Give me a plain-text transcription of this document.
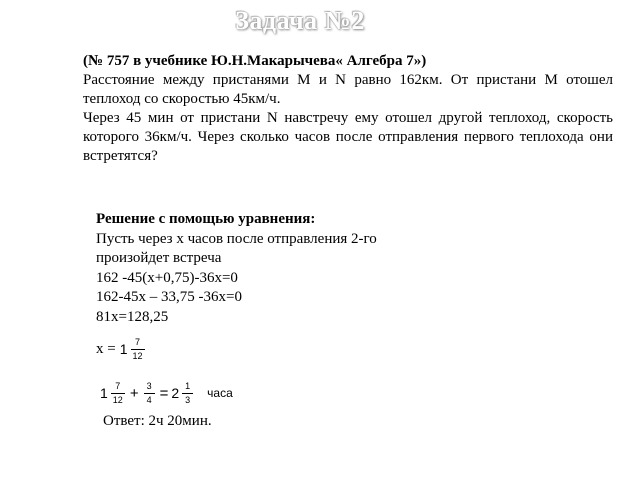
Задача №2

(№ 757 в учебнике Ю.Н.Макарычева« Алгебра 7»)

Расстояние между пристанями M и N равно 162км. От пристани M отошел теплоход со скоростью 45км/ч.

Через 45 мин от пристани N навстречу ему отошел другой теплоход, скорость которого 36км/ч. Через сколько часов после отправления первого теплохода они встретятся?

Решение с помощью уравнения:
Пусть через x часов после отправления 2-го
произойдет встреча
162 -45(x+0,75)-36x=0
162-45x – 33,75 -36x=0
81x=128,25
$x = 1 \frac{7}{12}$
$1 \frac{7}{12} + \frac{3}{4} = 2 \frac{1}{3}$ часа
Ответ: 2ч 20мин.
